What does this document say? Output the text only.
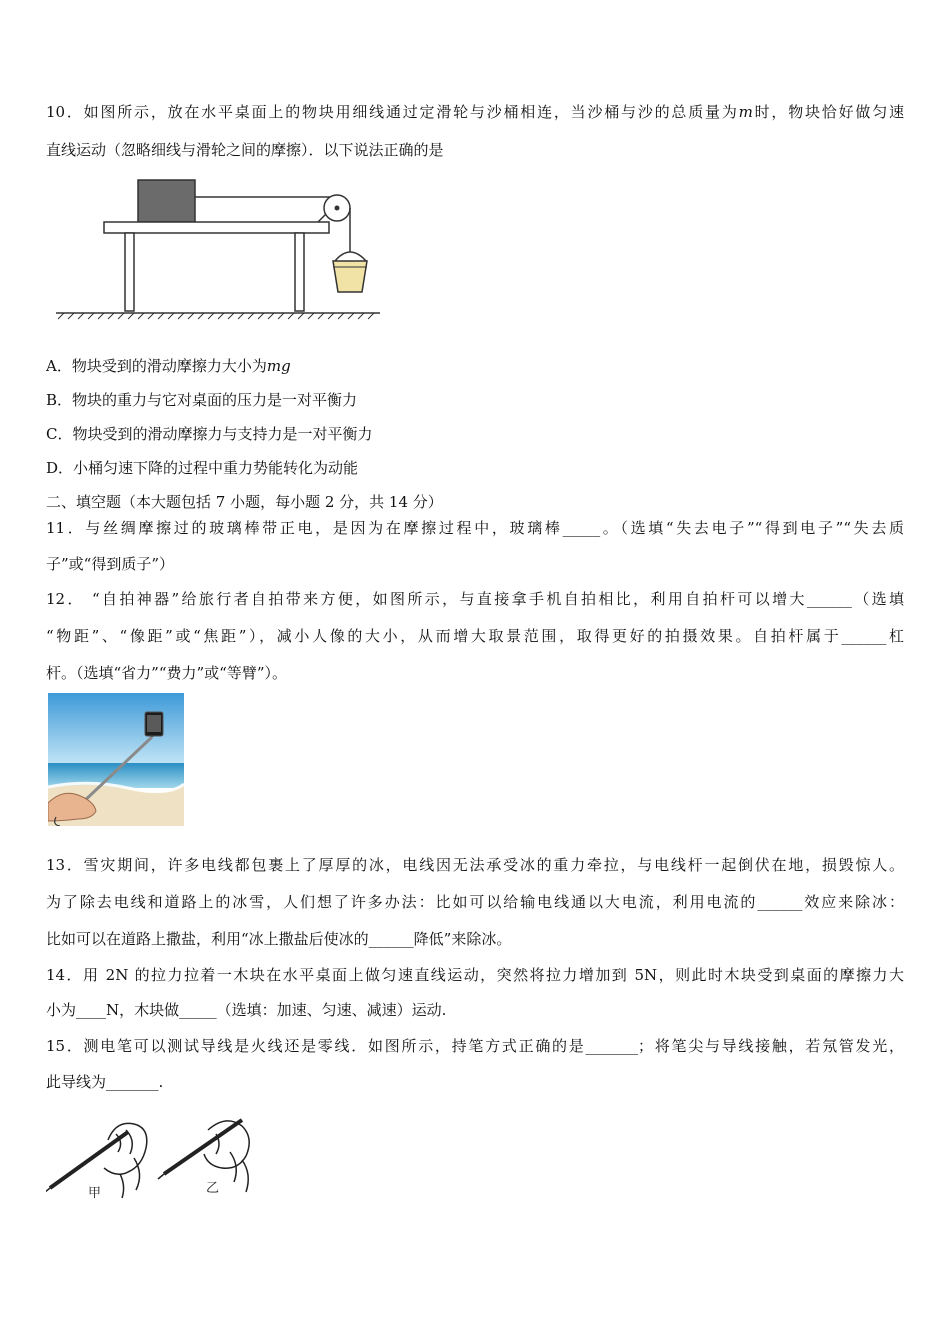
10．如图所示，放在水平桌面上的物块用细线通过定滑轮与沙桶相连，当沙桶与沙的总质量为m时，物块恰好做匀速
直线运动（忽略细线与滑轮之间的摩擦）．以下说法正确的是
A．物块受到的滑动摩擦力大小为mg
B．物块的重力与它对桌面的压力是一对平衡力
C．物块受到的滑动摩擦力与支持力是一对平衡力
D．小桶匀速下降的过程中重力势能转化为动能
二、填空题（本大题包括 7 小题，每小题 2 分，共 14 分）
11．与丝绸摩擦过的玻璃棒带正电，是因为在摩擦过程中，玻璃棒_____。（选填“失去电子”“得到电子”“失去质
子”或“得到质子”）
12． “自拍神器”给旅行者自拍带来方便，如图所示，与直接拿手机自拍相比，利用自拍杆可以增大______（选填
“物距”、“像距”或“焦距”），减小人像的大小，从而增大取景范围，取得更好的拍摄效果。自拍杆属于______杠
杆。（选填“省力”“费力”或“等臂”）。
13．雪灾期间，许多电线都包裹上了厚厚的冰，电线因无法承受冰的重力牵拉，与电线杆一起倒伏在地，损毁惊人。
为了除去电线和道路上的冰雪，人们想了许多办法：比如可以给输电线通以大电流，利用电流的______效应来除冰：
比如可以在道路上撒盐，利用“冰上撒盐后使冰的______降低”来除冰。
14．用 2N 的拉力拉着一木块在水平桌面上做匀速直线运动，突然将拉力增加到 5N，则此时木块受到桌面的摩擦力大
小为____N，木块做_____（选填：加速、匀速、减速）运动.
15．测电笔可以测试导线是火线还是零线．如图所示，持笔方式正确的是_______；将笔尖与导线接触，若氖管发光，
此导线为_______.
甲	乙
